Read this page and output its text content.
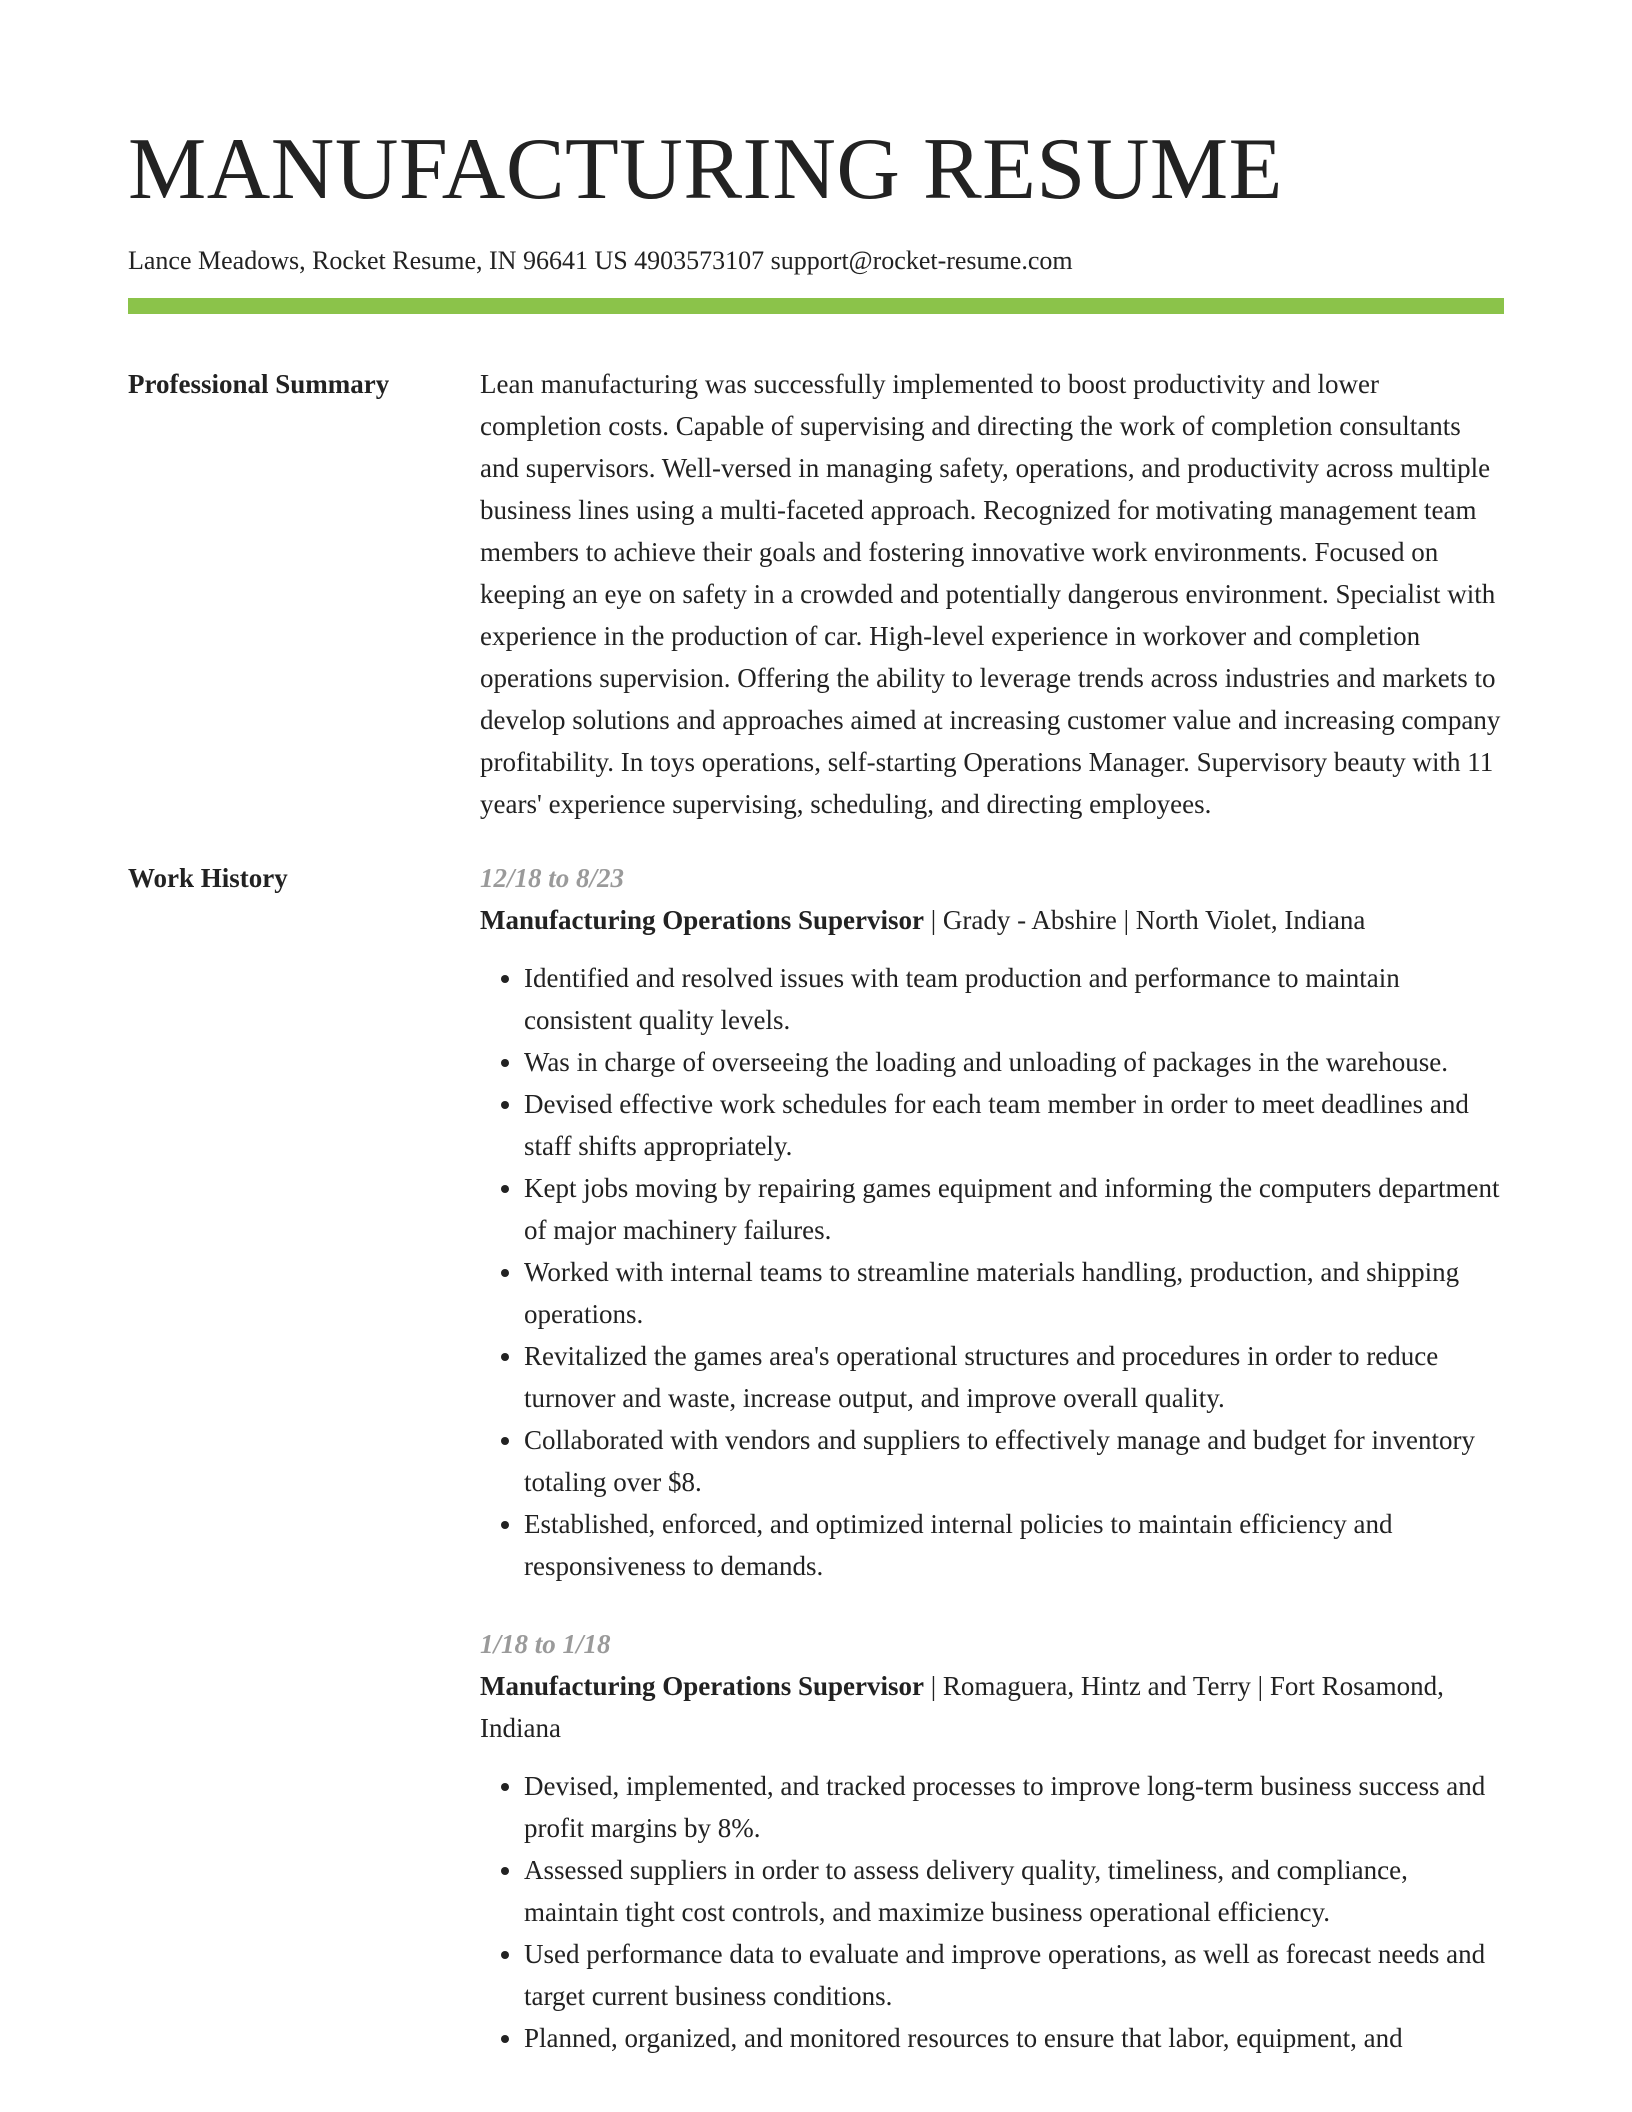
MANUFACTURING RESUME
Lance Meadows, Rocket Resume, IN 96641 US 4903573107 support@rocket-resume.com
Professional Summary	Lean manufacturing was successfully implemented to boost productivity and lower completion costs. Capable of supervising and directing the work of completion consultants and supervisors. Well-versed in managing safety, operations, and productivity across multiple business lines using a multi-faceted approach. Recognized for motivating management team members to achieve their goals and fostering innovative work environments. Focused on keeping an eye on safety in a crowded and potentially dangerous environment. Specialist with experience in the production of car. High-level experience in workover and completion operations supervision. Offering the ability to leverage trends across industries and markets to develop solutions and approaches aimed at increasing customer value and increasing company profitability. In toys operations, self-starting Operations Manager. Supervisory beauty with 11 years' experience supervising, scheduling, and directing employees.

Work History	12/18 to 8/23
Manufacturing Operations Supervisor | Grady - Abshire | North Violet, Indiana
• Identified and resolved issues with team production and performance to maintain consistent quality levels.
• Was in charge of overseeing the loading and unloading of packages in the warehouse.
• Devised effective work schedules for each team member in order to meet deadlines and staff shifts appropriately.
• Kept jobs moving by repairing games equipment and informing the computers department of major machinery failures.
• Worked with internal teams to streamline materials handling, production, and shipping operations.
• Revitalized the games area's operational structures and procedures in order to reduce turnover and waste, increase output, and improve overall quality.
• Collaborated with vendors and suppliers to effectively manage and budget for inventory totaling over $8.
• Established, enforced, and optimized internal policies to maintain efficiency and responsiveness to demands.
1/18 to 1/18
Manufacturing Operations Supervisor | Romaguera, Hintz and Terry | Fort Rosamond, Indiana
• Devised, implemented, and tracked processes to improve long-term business success and profit margins by 8%.
• Assessed suppliers in order to assess delivery quality, timeliness, and compliance, maintain tight cost controls, and maximize business operational efficiency.
• Used performance data to evaluate and improve operations, as well as forecast needs and target current business conditions.
• Planned, organized, and monitored resources to ensure that labor, equipment, and
